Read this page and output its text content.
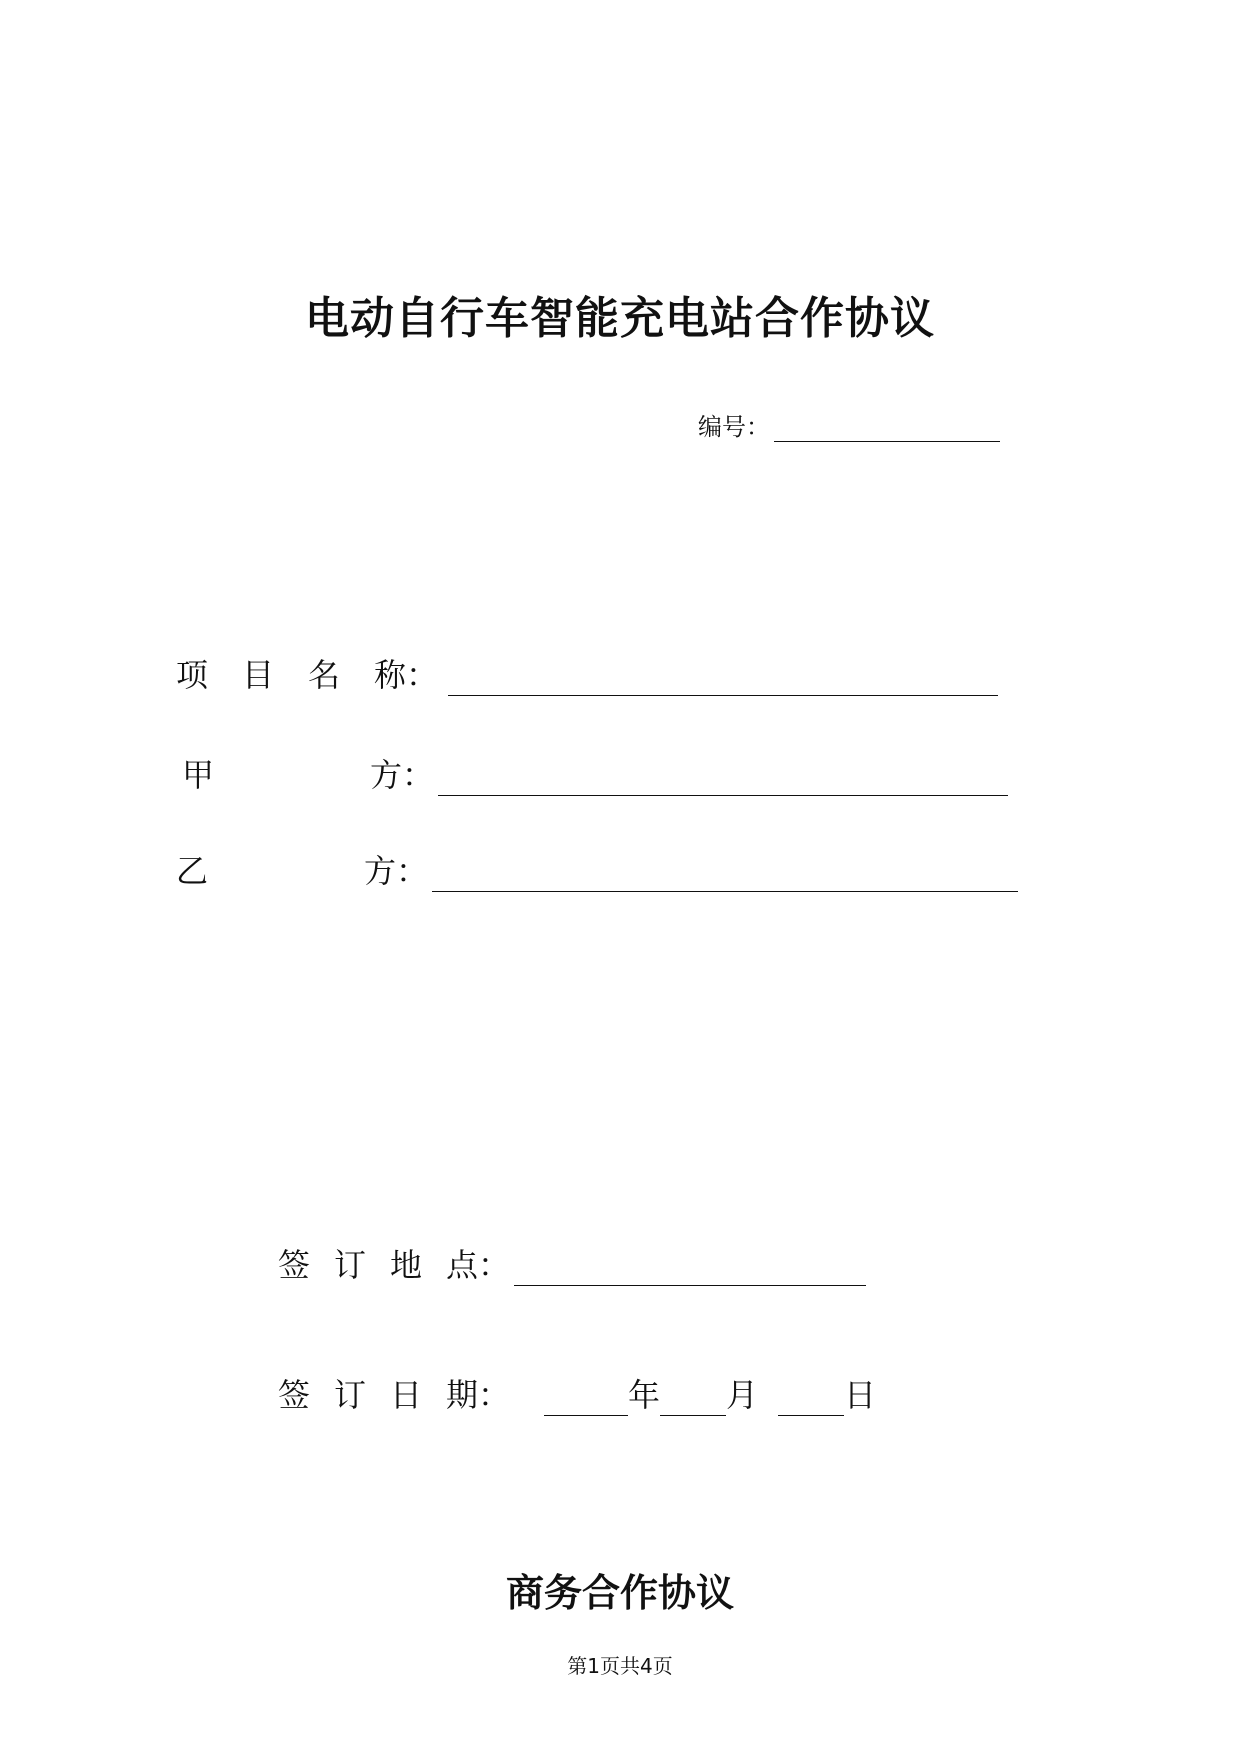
电动自行车智能充电站合作协议
编号：
项 目 名 称 ：
甲	方 ：
乙	方 ：
签 订 地 点 ：
签 订 日 期 ：	年 月	日
商务合作协议
第1页共4页
